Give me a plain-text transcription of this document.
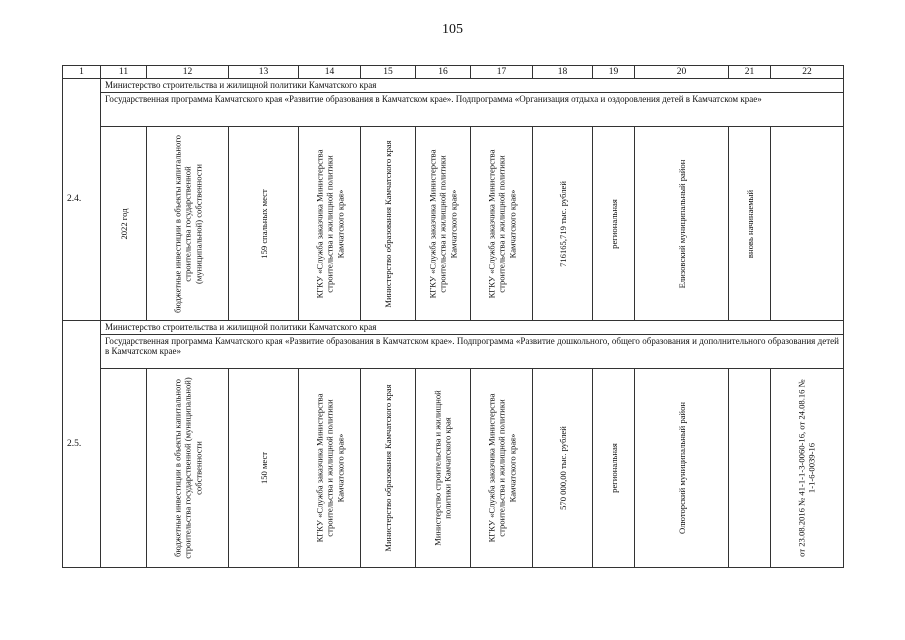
105
1	11	12	13	14	15	16	17	18	19	20	21	22
2.4.	Министерство строительства и жилищной политики Камчатского края											
	Государственная программа Камчатского края «Развитие образования в Камчатском крае». Подпрограмма «Организация отдыха и оздоровления детей в Камчатском крае»											

	2022 год	бюджетные инвестиции в объекты капитального строительства государственной (муниципальной) собственности	159 спальных мест	КГКУ «Служба заказчика Министерства строительства и жилищной политики Камчатского края»	Министерство образования Камчатского края	КГКУ «Служба заказчика Министерства строительства и жилищной политики Камчатского края»	КГКУ «Служба заказчика Министерства строительства и жилищной политики Камчатского края»	716165,719 тыс. рублей	региональная	Елизовский муниципальный район	вновь начинаемый	

2.5.	Министерство строительства и жилищной политики Камчатского края											
	Государственная программа Камчатского края «Развитие образования в Камчатском крае». Подпрограмма «Развитие дошкольного, общего образования и дополнительного образования детей в Камчатском крае»											

		бюджетные инвестиции в объекты капитального строительства государственной (муниципальной) собственности	150 мест	КГКУ «Служба заказчика Министерства строительства и жилищной политики Камчатского края»	Министерство образования Камчатского края	Министерство строительства и жилищной политики Камчатского края	КГКУ «Служба заказчика Министерства строительства и жилищной политики Камчатского края»	570 000,00 тыс. рублей	региональная	Олюторский муниципальный район		от 23.08.2016 № 41-1-1-3-0060-16, от 24.08.16 № 1-1-6-0039-16
